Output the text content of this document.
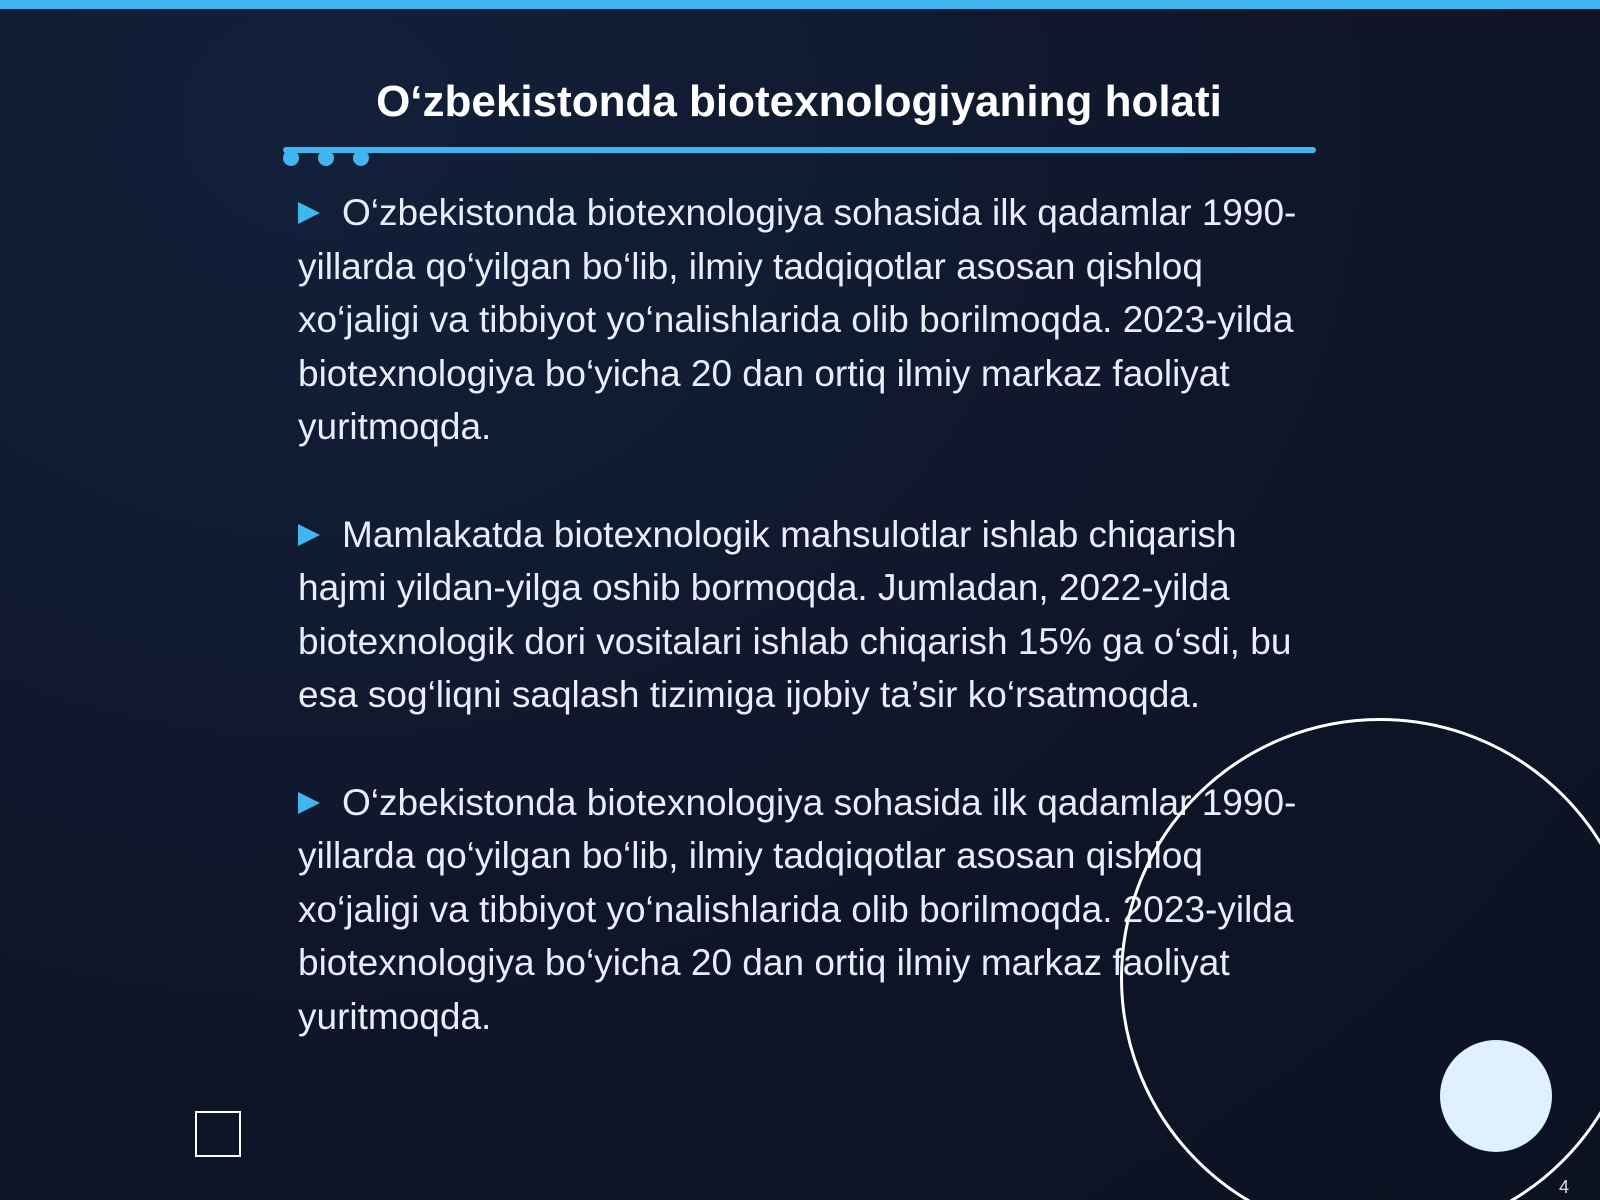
O‘zbekistonda biotexnologiyaning holati

O‘zbekistonda biotexnologiya sohasida ilk qadamlar 1990-yillarda qo‘yilgan bo‘lib, ilmiy tadqiqotlar asosan qishloq xo‘jaligi va tibbiyot yo‘nalishlarida olib borilmoqda. 2023-yilda biotexnologiya bo‘yicha 20 dan ortiq ilmiy markaz faoliyat yuritmoqda.

Mamlakatda biotexnologik mahsulotlar ishlab chiqarish hajmi yildan-yilga oshib bormoqda. Jumladan, 2022-yilda biotexnologik dori vositalari ishlab chiqarish 15% ga o‘sdi, bu esa sog‘liqni saqlash tizimiga ijobiy ta’sir ko‘rsatmoqda.

O‘zbekistonda biotexnologiya sohasida ilk qadamlar 1990-yillarda qo‘yilgan bo‘lib, ilmiy tadqiqotlar asosan qishloq xo‘jaligi va tibbiyot yo‘nalishlarida olib borilmoqda. 2023-yilda biotexnologiya bo‘yicha 20 dan ortiq ilmiy markaz faoliyat yuritmoqda.

4
